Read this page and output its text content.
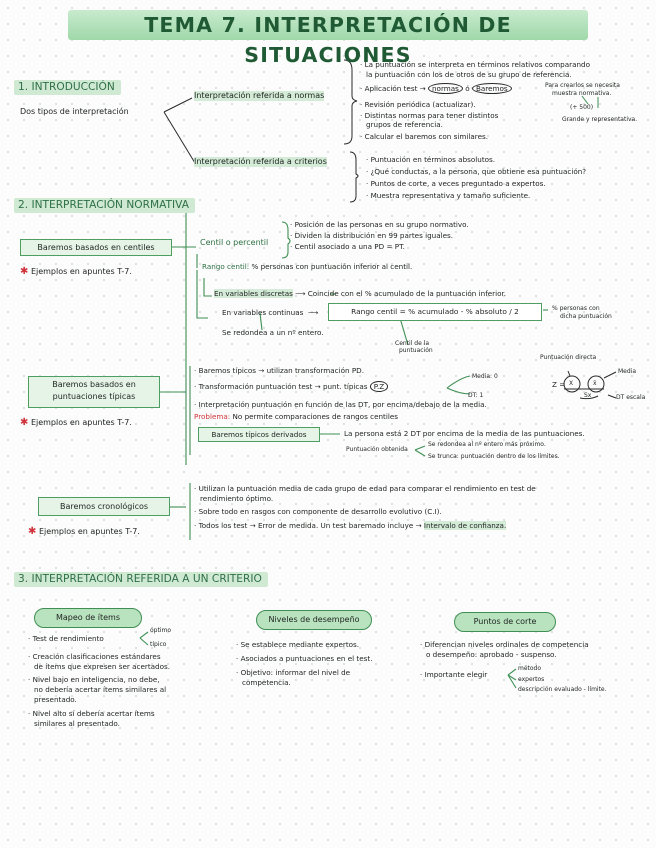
TEMA 7. INTERPRETACIÓN DE SITUACIONES
1. INTRODUCCIÓN
Dos tipos de interpretación
Interpretación referida a normas
Interpretación referida a criterios
· La puntuación se interpreta en términos relativos comparando
la puntuación con los de otros de su grupo de referencia.
· Aplicación test → normas ó Baremos	Para crearlos se necesita
muestra normativa.
· Revisión periódica (actualizar).	(+ 500)
· Distintas normas para tener distintos
grupos de referencia.
Grande y representativa.
· Calcular el baremos con similares.
· Puntuación en términos absolutos.
· ¿Qué conductas, a la persona, que obtiene esa puntuación?
· Puntos de corte, a veces preguntado a expertos.
· Muestra representativa y tamaño suficiente.
2. INTERPRETACIÓN NORMATIVA
Baremos basados en centiles
✱ Ejemplos en apuntes T-7.
Centil o percentil
· Posición de las personas en su grupo normativo.
· Dividen la distribución en 99 partes iguales.
· Centil asociado a una PD = PT.
Rango centil: % personas con puntuación inferior al centil.
En variables discretas ⟶ Coincide con el % acumulado de la puntuación inferior.
En variables continuas ⟶	Rango centil = % acumulado - % absoluto / 2	% personas con
dicha puntuación
Centil de la
puntuación
Se redondea a un nº entero.
Baremos basados en
puntuaciones típicas
✱ Ejemplos en apuntes T-7.
· Baremos típicos → utilizan transformación PD.
· Transformación puntuación test → punt. típicas P.Z
Media: 0
DT: 1
Z = X	x̄
Sx
Puntuación directa
Media
DT escala
· Interpretación puntuación en función de las DT, por encima/debajo de la media.
Problema: No permite comparaciones de rangos centiles
Baremos típicos derivados	La persona está 2 DT por encima de la media de las puntuaciones.
Puntuación obtenida
Se redondea al nº entero más próximo.
Se trunca: puntuación dentro de los límites.
Baremos cronológicos
✱ Ejemplos en apuntes T-7.
· Utilizan la puntuación media de cada grupo de edad para comparar el rendimiento en test de
rendimiento óptimo.
· Sobre todo en rasgos con componente de desarrollo evolutivo (C.I).
· Todos los test → Error de medida. Un test baremado incluye → Intervalo de confianza.
3. INTERPRETACIÓN REFERIDA A UN CRITERIO
Mapeo de ítems	Niveles de desempeño	Puntos de corte
· Test de rendimiento
óptimo
típico
· Creación clasificaciones estándares
de ítems que expresen ser acertados.
· Nivel bajo en inteligencia, no debe,
no debería acertar ítems similares al
presentado.
· Nivel alto sí debería acertar ítems
similares al presentado.
· Se establece mediante expertos.
· Asociados a puntuaciones en el test.
· Objetivo: informar del nivel de
competencia.
· Diferencian niveles ordinales de competencia
o desempeño: aprobado - suspenso.
· Importante elegir
método
expertos
descripción evaluado - límite.
